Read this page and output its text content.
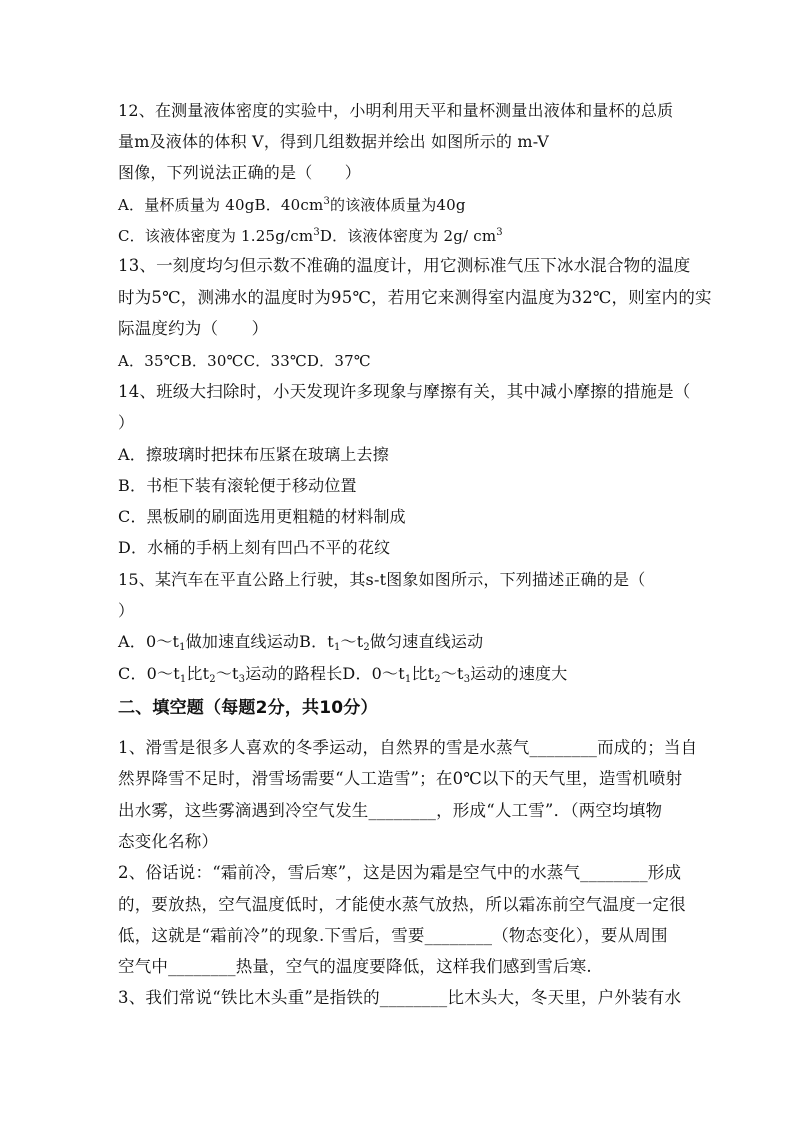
12、在测量液体密度的实验中，小明利用天平和量杯测量出液体和量杯的总质
量m及液体的体积 V，得到几组数据并绘出 如图所示的 m-V
图像，下列说法正确的是（　　）
A．量杯质量为 40gB．$40cm^3$的该液体质量为40g
C．该液体密度为 $1.25g/cm^3D$．该液体密度为 2g/ $cm^3$
13、一刻度均匀但示数不准确的温度计，用它测标准气压下冰水混合物的温度
时为5℃，测沸水的温度时为95℃，若用它来测得室内温度为32℃，则室内的实
际温度约为（　　）
A．35℃B．30℃C．33℃D．37℃
14、班级大扫除时，小天发现许多现象与摩擦有关，其中减小摩擦的措施是（
）
A．擦玻璃时把抹布压紧在玻璃上去擦
B．书柜下装有滚轮便于移动位置
C．黑板刷的刷面选用更粗糙的材料制成
D．水桶的手柄上刻有凹凸不平的花纹
15、某汽车在平直公路上行驶，其s-t图象如图所示，下列描述正确的是（
）
A．$0\sim t_1$做加速直线运动B．$t_1\sim t_2$做匀速直线运动
C．$0\sim t_1$比$t_2\sim t_3$运动的路程长D．$0\sim t_1$比$t_2\sim t_3$运动的速度大
二、填空题（每题2分，共10分）
1、滑雪是很多人喜欢的冬季运动，自然界的雪是水蒸气________而成的；当自
然界降雪不足时，滑雪场需要“人工造雪”；在0℃以下的天气里，造雪机喷射
出水雾，这些雾滴遇到冷空气发生________，形成“人工雪”．（两空均填物
态变化名称）
2、俗话说：“霜前冷，雪后寒”，这是因为霜是空气中的水蒸气________形成
的，要放热，空气温度低时，才能使水蒸气放热，所以霜冻前空气温度一定很
低，这就是“霜前冷”的现象.下雪后，雪要________（物态变化），要从周围
空气中________热量，空气的温度要降低，这样我们感到雪后寒.
3、我们常说“铁比木头重”是指铁的________比木头大，冬天里，户外装有水
